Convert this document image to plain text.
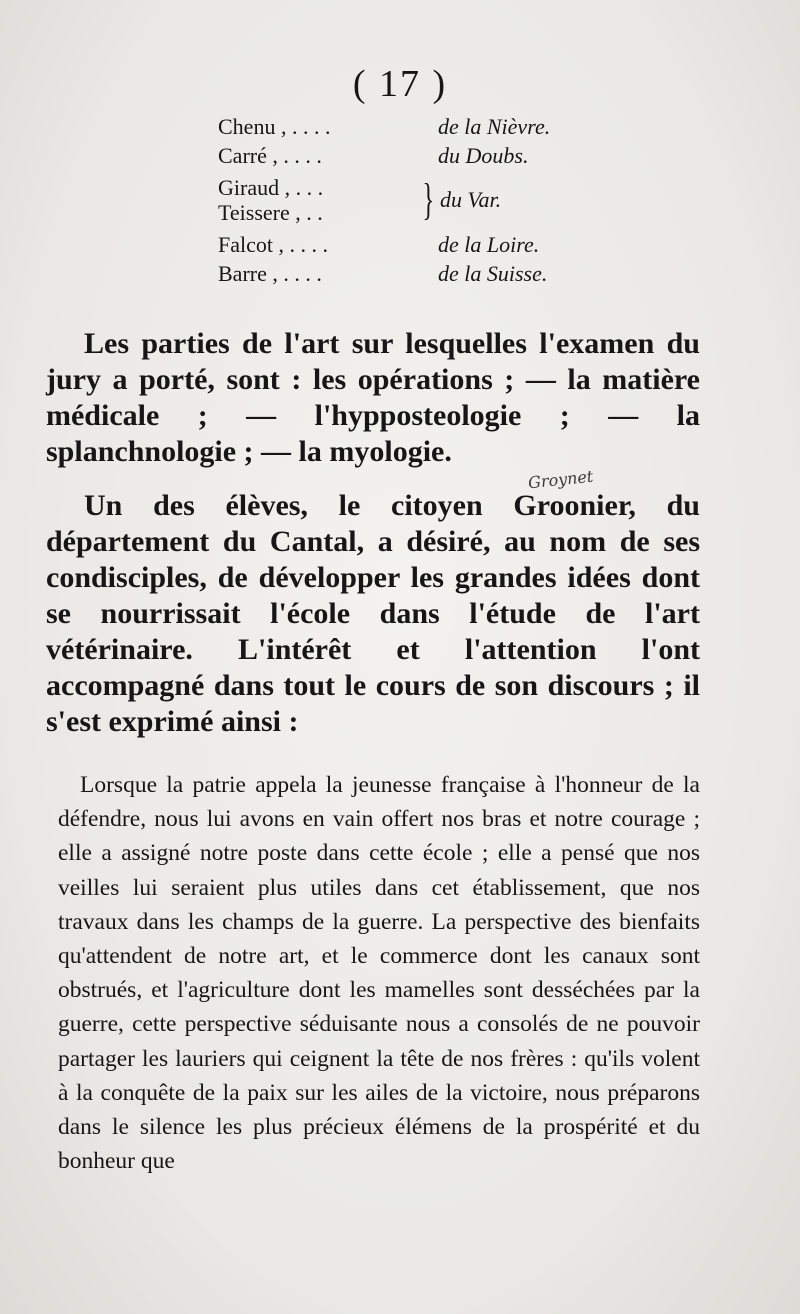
( 17 )
Chenu , . . . .	de la Nièvre.
Carré , . . . .	du Doubs.
Giraud , . . .
Teissere , . .	} du Var.
Falcot , . . . .	de la Loire.
Barre , . . . .	de la Suisse.

Les parties de l'art sur lesquelles l'examen du jury a porté, sont : les opérations ; — la matière médicale ; — l'hypposteologie ; — la splanchnologie ; — la myologie.

Groynet

Un des élèves, le citoyen Groonier, du département du Cantal, a désiré, au nom de ses condisciples, de développer les grandes idées dont se nourrissait l'école dans l'étude de l'art vétérinaire. L'intérêt et l'attention l'ont accompagné dans tout le cours de son discours ; il s'est exprimé ainsi :

Lorsque la patrie appela la jeunesse française à l'honneur de la défendre, nous lui avons en vain offert nos bras et notre courage ; elle a assigné notre poste dans cette école ; elle a pensé que nos veilles lui seraient plus utiles dans cet établissement, que nos travaux dans les champs de la guerre. La perspective des bienfaits qu'attendent de notre art, et le commerce dont les canaux sont obstrués, et l'agriculture dont les mamelles sont desséchées par la guerre, cette perspective séduisante nous a consolés de ne pouvoir partager les lauriers qui ceignent la tête de nos frères : qu'ils volent à la conquête de la paix sur les ailes de la victoire, nous préparons dans le silence les plus précieux élémens de la prospérité et du bonheur que
